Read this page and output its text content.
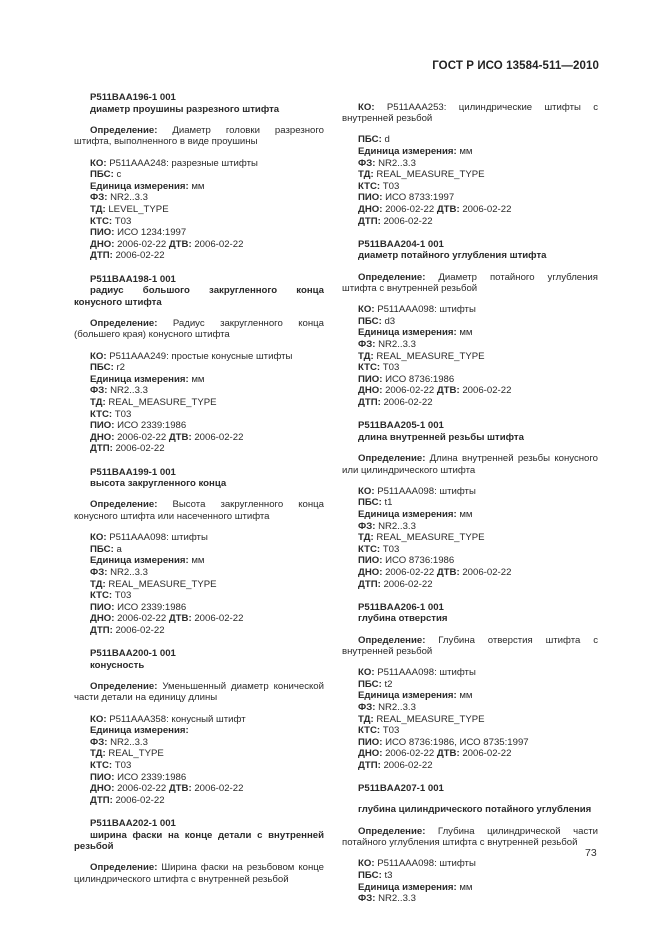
ГОСТ Р ИСО 13584-511—2010

P511BAA196-1 001

диаметр проушины разрезного штифта

Определение: Диаметр головки разрезного штифта, выполненного в виде проушины

КО: P511AAA248: разрезные штифты

ПБС: c

Единица измерения: мм

ФЗ: NR2..3.3

ТД: LEVEL_TYPE

КТС: T03

ПИО: ИСО 1234:1997

ДНО: 2006-02-22 ДТВ: 2006-02-22

ДТП: 2006-02-22

P511BAA198-1 001

радиус большого закругленного конца конусного штифта

Определение: Радиус закругленного конца (большего края) конусного штифта

КО: P511AAA249: простые конусные штифты

ПБС: r2

Единица измерения: мм

ФЗ: NR2..3.3

ТД: REAL_MEASURE_TYPE

КТС: T03

ПИО: ИСО 2339:1986

ДНО: 2006-02-22 ДТВ: 2006-02-22

ДТП: 2006-02-22

P511BAA199-1 001

высота закругленного конца

Определение: Высота закругленного конца конусного штифта или насеченного штифта

КО: P511AAA098: штифты

ПБС: a

Единица измерения: мм

ФЗ: NR2..3.3

ТД: REAL_MEASURE_TYPE

КТС: T03

ПИО: ИСО 2339:1986

ДНО: 2006-02-22 ДТВ: 2006-02-22

ДТП: 2006-02-22

P511BAA200-1 001

конусность

Определение: Уменьшенный диаметр конической части детали на единицу длины

КО: P511AAA358: конусный штифт

Единица измерения:

ФЗ: NR2..3.3

ТД: REAL_TYPE

КТС: T03

ПИО: ИСО 2339:1986

ДНО: 2006-02-22 ДТВ: 2006-02-22

ДТП: 2006-02-22

P511BAA202-1 001

ширина фаски на конце детали с внутренней резьбой

Определение: Ширина фаски на резьбовом конце цилиндрического штифта с внутренней резьбой

КО: P511AAA253: цилиндрические штифты с внутренней резьбой

ПБС: d

Единица измерения: мм

ФЗ: NR2..3.3

ТД: REAL_MEASURE_TYPE

КТС: T03

ПИО: ИСО 8733:1997

ДНО: 2006-02-22 ДТВ: 2006-02-22

ДТП: 2006-02-22

P511BAA204-1 001

диаметр потайного углубления штифта

Определение: Диаметр потайного углубления штифта с внутренней резьбой

КО: P511AAA098: штифты

ПБС: d3

Единица измерения: мм

ФЗ: NR2..3.3

ТД: REAL_MEASURE_TYPE

КТС: T03

ПИО: ИСО 8736:1986

ДНО: 2006-02-22 ДТВ: 2006-02-22

ДТП: 2006-02-22

P511BAA205-1 001

длина внутренней резьбы штифта

Определение: Длина внутренней резьбы конусного или цилиндрического штифта

КО: P511AAA098: штифты

ПБС: t1

Единица измерения: мм

ФЗ: NR2..3.3

ТД: REAL_MEASURE_TYPE

КТС: T03

ПИО: ИСО 8736:1986

ДНО: 2006-02-22 ДТВ: 2006-02-22

ДТП: 2006-02-22

P511BAA206-1 001

глубина отверстия

Определение: Глубина отверстия штифта с внутренней резьбой

КО: P511AAA098: штифты

ПБС: t2

Единица измерения: мм

ФЗ: NR2..3.3

ТД: REAL_MEASURE_TYPE

КТС: T03

ПИО: ИСО 8736:1986, ИСО 8735:1997

ДНО: 2006-02-22 ДТВ: 2006-02-22

ДТП: 2006-02-22

P511BAA207-1 001

глубина цилиндрического потайного углубления

Определение: Глубина цилиндрической части потайного углубления штифта с внутренней резьбой

КО: P511AAA098: штифты

ПБС: t3

Единица измерения: мм

ФЗ: NR2..3.3

73
